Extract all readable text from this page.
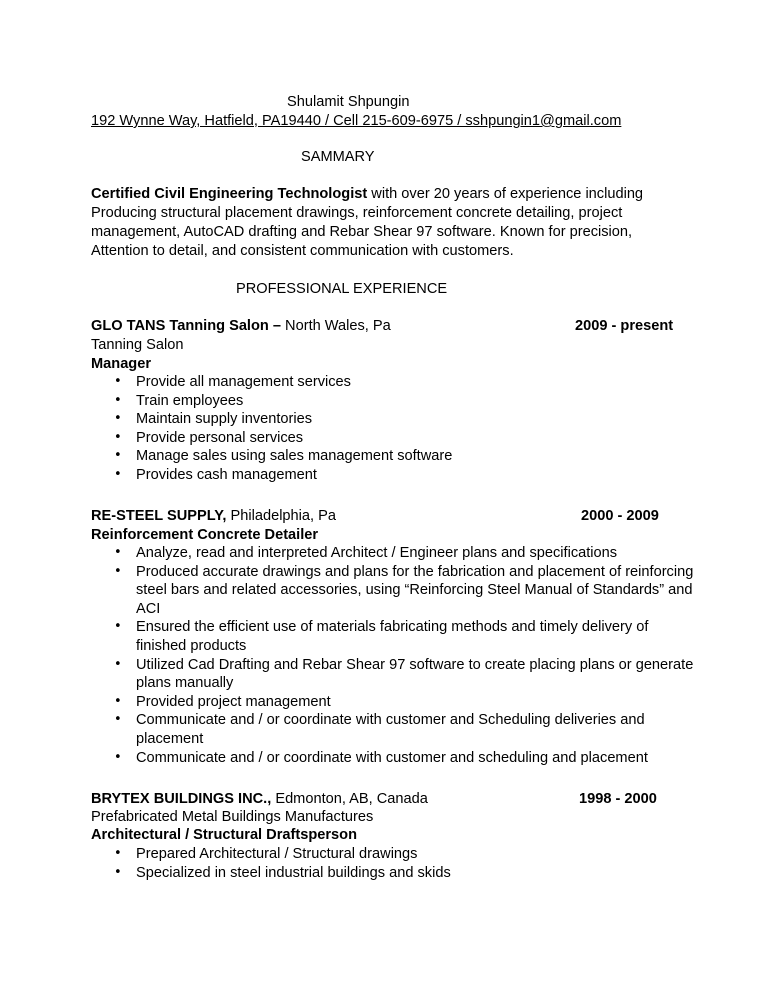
Shulamit Shpungin
192 Wynne Way, Hatfield, PA19440 / Cell 215-609-6975 / sshpungin1@gmail.com
SAMMARY
Certified Civil Engineering Technologist with over 20 years of experience including
Producing structural placement drawings, reinforcement concrete detailing, project
management, AutoCAD drafting and Rebar Shear 97 software. Known for precision,
Attention to detail, and consistent communication with customers.
PROFESSIONAL EXPERIENCE
GLO TANS Tanning Salon – North Wales, Pa	2009 - present
Tanning Salon
Manager
• Provide all management services
• Train employees
• Maintain supply inventories
• Provide personal services
• Manage sales using sales management software
• Provides cash management
RE-STEEL SUPPLY, Philadelphia, Pa	2000 - 2009
Reinforcement Concrete Detailer
• Analyze, read and interpreted Architect / Engineer plans and specifications
• Produced accurate drawings and plans for the fabrication and placement of reinforcing steel bars and related accessories, using “Reinforcing Steel Manual of Standards” and ACI
• Ensured the efficient use of materials fabricating methods and timely delivery of finished products
• Utilized Cad Drafting and Rebar Shear 97 software to create placing plans or generate plans manually
• Provided project management
• Communicate and / or coordinate with customer and Scheduling deliveries and placement
• Communicate and / or coordinate with customer and scheduling and placement
BRYTEX BUILDINGS INC., Edmonton, AB, Canada	1998 - 2000
Prefabricated Metal Buildings Manufactures
Architectural / Structural Draftsperson
• Prepared Architectural / Structural drawings
• Specialized in steel industrial buildings and skids
